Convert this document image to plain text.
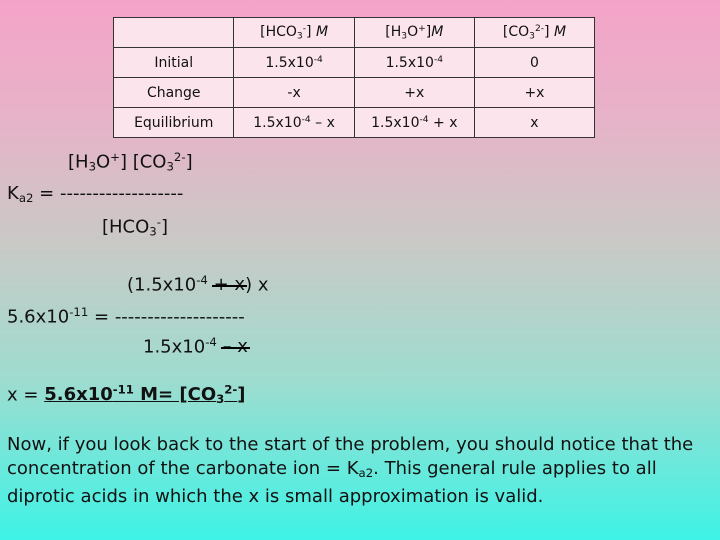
	$[HCO_3^-]$ M	$[H_3O^+]M$	$[CO_3^{2-}]$ M
Initial	$1.5x10^{-4}$	$1.5x10^{-4}$	0
Change	-x	+x	+x
Equilibrium	$1.5x10^{-4}$ – x	$1.5x10^{-4} + x$	x
$[H_3O^+]$ $[CO_3^{2-}]$
$K_{a2}$ = -------------------
$[HCO_3^-]$
$(1.5x10^{-4} + x)$ x
$5.6x10^{-11}$ = --------------------
$1.5x10^{-4}$ – x
$x = 5.6x10^{-11}$ $M= [CO_3^{2-}]$
Now, if you look back to the start of the problem, you should notice that the concentration of the carbonate ion = $K_{a2}$. This general rule applies to all diprotic acids in which the x is small approximation is valid.
